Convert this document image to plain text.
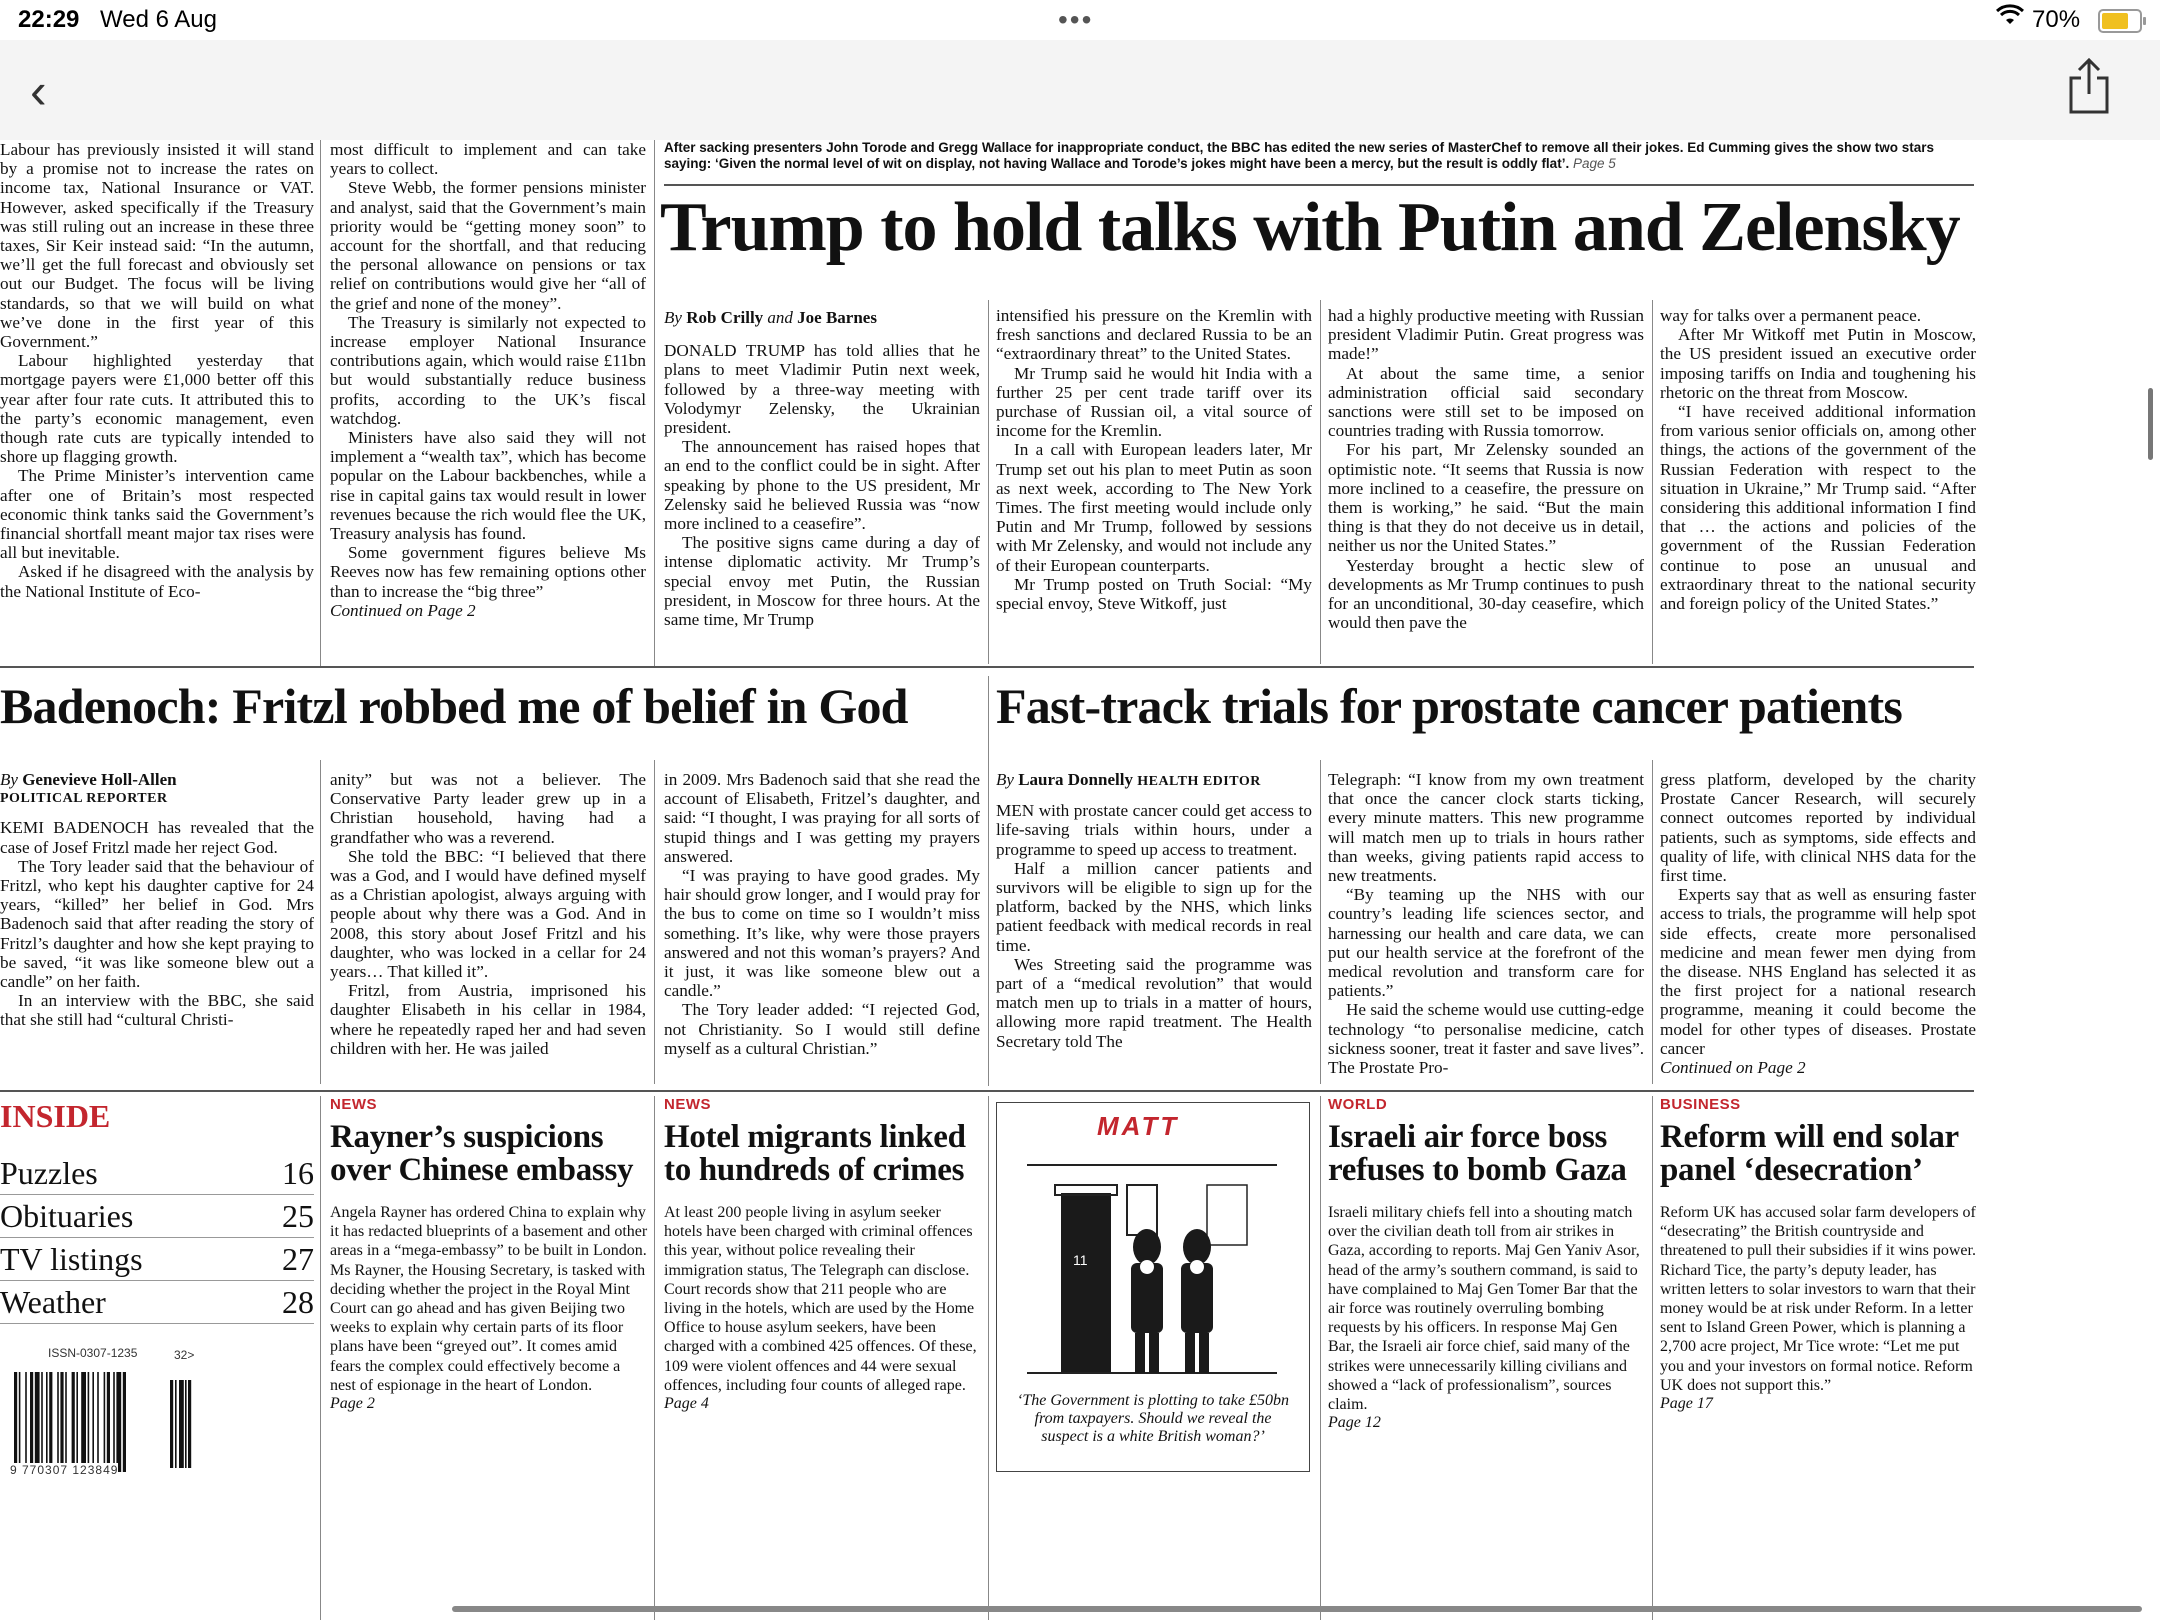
22:29 Wed 6 Aug	•••	70%
‹

Labour has previously insisted it will stand by a promise not to increase the rates on income tax, National Insurance or VAT. However, asked specifically if the Treasury was still ruling out an increase in these three taxes, Sir Keir instead said: “In the autumn, we’ll get the full forecast and obviously set out our Budget. The focus will be living standards, so that we will build on what we’ve done in the first year of this Government.”

Labour highlighted yesterday that mortgage payers were £1,000 better off this year after four rate cuts. It attributed this to the party’s economic management, even though rate cuts are typically intended to shore up flagging growth.

The Prime Minister’s intervention came after one of Britain’s most respected economic think tanks said the Government’s financial shortfall meant major tax rises were all but inevitable.

Asked if he disagreed with the analysis by the National Institute of Eco-

most difficult to implement and can take years to collect.

Steve Webb, the former pensions minister and analyst, said that the Government’s main priority would be “getting money soon” to account for the shortfall, and that reducing the personal allowance on pensions or tax relief on contributions would give her “all of the grief and none of the money”.

The Treasury is similarly not expected to increase employer National Insurance contributions again, which would raise £11bn but would substantially reduce business profits, according to the UK’s fiscal watchdog.

Ministers have also said they will not implement a “wealth tax”, which has become popular on the Labour backbenches, while a rise in capital gains tax would result in lower revenues because the rich would flee the UK, Treasury analysis has found.

Some government figures believe Ms Reeves now has few remaining options other than to increase the “big three”

Continued on Page 2

After sacking presenters John Torode and Gregg Wallace for inappropriate conduct, the BBC has edited the new series of MasterChef to remove all their jokes. Ed Cumming gives the show two stars saying: ‘Given the normal level of wit on display, not having Wallace and Torode’s jokes might have been a mercy, but the result is oddly flat’. Page 5
Trump to hold talks with Putin and Zelensky

By Rob Crilly and Joe Barnes

DONALD TRUMP has told allies that he plans to meet Vladimir Putin next week, followed by a three-way meeting with Volodymyr Zelensky, the Ukrainian president.

The announcement has raised hopes that an end to the conflict could be in sight. After speaking by phone to the US president, Mr Zelensky said he believed Russia was “now more inclined to a ceasefire”.

The positive signs came during a day of intense diplomatic activity. Mr Trump’s special envoy met Putin, the Russian president, in Moscow for three hours. At the same time, Mr Trump

intensified his pressure on the Kremlin with fresh sanctions and declared Russia to be an “extraordinary threat” to the United States.

Mr Trump said he would hit India with a further 25 per cent trade tariff over its purchase of Russian oil, a vital source of income for the Kremlin.

In a call with European leaders later, Mr Trump set out his plan to meet Putin as soon as next week, according to The New York Times. The first meeting would include only Putin and Mr Trump, followed by sessions with Mr Zelensky, and would not include any of their European counterparts.

Mr Trump posted on Truth Social: “My special envoy, Steve Witkoff, just

had a highly productive meeting with Russian president Vladimir Putin. Great progress was made!”

At about the same time, a senior administration official said secondary sanctions were still set to be imposed on countries trading with Russia tomorrow.

For his part, Mr Zelensky sounded an optimistic note. “It seems that Russia is now more inclined to a ceasefire, the pressure on them is working,” he said. “But the main thing is that they do not deceive us in detail, neither us nor the United States.”

Yesterday brought a hectic slew of developments as Mr Trump continues to push for an unconditional, 30-day ceasefire, which would then pave the

way for talks over a permanent peace.

After Mr Witkoff met Putin in Moscow, the US president issued an executive order imposing tariffs on India and toughening his rhetoric on the threat from Moscow.

“I have received additional information from various senior officials on, among other things, the actions of the government of the Russian Federation with respect to the situation in Ukraine,” Mr Trump said. “After considering this additional information I find that … the actions and policies of the government of the Russian Federation continue to pose an unusual and extraordinary threat to the national security and foreign policy of the United States.”

Badenoch: Fritzl robbed me of belief in God

By Genevieve Holl-Allen

POLITICAL REPORTER

KEMI BADENOCH has revealed that the case of Josef Fritzl made her reject God.

The Tory leader said that the behaviour of Fritzl, who kept his daughter captive for 24 years, “killed” her belief in God. Mrs Badenoch said that after reading the story of Fritzl’s daughter and how she kept praying to be saved, “it was like someone blew out a candle” on her faith.

In an interview with the BBC, she said that she still had “cultural Christi-

anity” but was not a believer. The Conservative Party leader grew up in a Christian household, having had a grandfather who was a reverend.

She told the BBC: “I believed that there was a God, and I would have defined myself as a Christian apologist, always arguing with people about why there was a God. And in 2008, this story about Josef Fritzl and his daughter, who was locked in a cellar for 24 years… That killed it”.

Fritzl, from Austria, imprisoned his daughter Elisabeth in his cellar in 1984, where he repeatedly raped her and had seven children with her. He was jailed

in 2009. Mrs Badenoch said that she read the account of Elisabeth, Fritzel’s daughter, and said: “I thought, I was praying for all sorts of stupid things and I was getting my prayers answered.

“I was praying to have good grades. My hair should grow longer, and I would pray for the bus to come on time so I wouldn’t miss something. It’s like, why were those prayers answered and not this woman’s prayers? And it just, it was like someone blew out a candle.”

The Tory leader added: “I rejected God, not Christianity. So I would still define myself as a cultural Christian.”

Fast-track trials for prostate cancer patients

By Laura Donnelly HEALTH EDITOR

MEN with prostate cancer could get access to life-saving trials within hours, under a programme to speed up access to treatment.

Half a million cancer patients and survivors will be eligible to sign up for the platform, backed by the NHS, which links patient feedback with medical records in real time.

Wes Streeting said the programme was part of a “medical revolution” that would match men up to trials in a matter of hours, allowing more rapid treatment. The Health Secretary told The

Telegraph: “I know from my own treatment that once the cancer clock starts ticking, every minute matters. This new programme will match men up to trials in hours rather than weeks, giving patients rapid access to new treatments.

“By teaming up the NHS with our country’s leading life sciences sector, and harnessing our health and care data, we can put our health service at the forefront of the medical revolution and transform care for patients.”

He said the scheme would use cutting-edge technology “to personalise medicine, catch sickness sooner, treat it faster and save lives”. The Prostate Pro-

gress platform, developed by the charity Prostate Cancer Research, will securely connect outcomes reported by individual patients, such as symptoms, side effects and quality of life, with clinical NHS data for the first time.

Experts say that as well as ensuring faster access to trials, the programme will help spot side effects, create more personalised medicine and mean fewer men dying from the disease. NHS England has selected it as the first project for a national research programme, meaning it could become the model for other types of diseases. Prostate cancer

Continued on Page 2

INSIDE
Puzzles	16
Obituaries	25
TV listings	27
Weather	28
ISSN-0307-1235	32>
9 770307 123849
NEWS
Rayner’s suspicions over Chinese embassy
Angela Rayner has ordered China to explain why it has redacted blueprints of a basement and other areas in a “mega-embassy” to be built in London. Ms Rayner, the Housing Secretary, is tasked with deciding whether the project in the Royal Mint Court can go ahead and has given Beijing two weeks to explain why certain parts of its floor plans have been “greyed out”. It comes amid fears the complex could effectively become a nest of espionage in the heart of London.
Page 2
NEWS
Hotel migrants linked to hundreds of crimes
At least 200 people living in asylum seeker hotels have been charged with criminal offences this year, without police revealing their immigration status, The Telegraph can disclose. Court records show that 211 people who are living in the hotels, which are used by the Home Office to house asylum seekers, have been charged with a combined 425 offences. Of these, 109 were violent offences and 44 were sexual offences, including four counts of alleged rape.
Page 4
MATT
11
‘The Government is plotting to take £50bn from taxpayers. Should we reveal the suspect is a white British woman?’
WORLD
Israeli air force boss refuses to bomb Gaza
Israeli military chiefs fell into a shouting match over the civilian death toll from air strikes in Gaza, according to reports. Maj Gen Yaniv Asor, head of the army’s southern command, is said to have complained to Maj Gen Tomer Bar that the air force was routinely overruling bombing requests by his officers. In response Maj Gen Bar, the Israeli air force chief, said many of the strikes were unnecessarily killing civilians and showed a “lack of professionalism”, sources claim.
Page 12
BUSINESS
Reform will end solar panel ‘desecration’
Reform UK has accused solar farm developers of “desecrating” the British countryside and threatened to pull their subsidies if it wins power. Richard Tice, the party’s deputy leader, has written letters to solar investors to warn that their money would be at risk under Reform. In a letter sent to Island Green Power, which is planning a 2,700 acre project, Mr Tice wrote: “Let me put you and your investors on formal notice. Reform UK does not support this.”
Page 17
